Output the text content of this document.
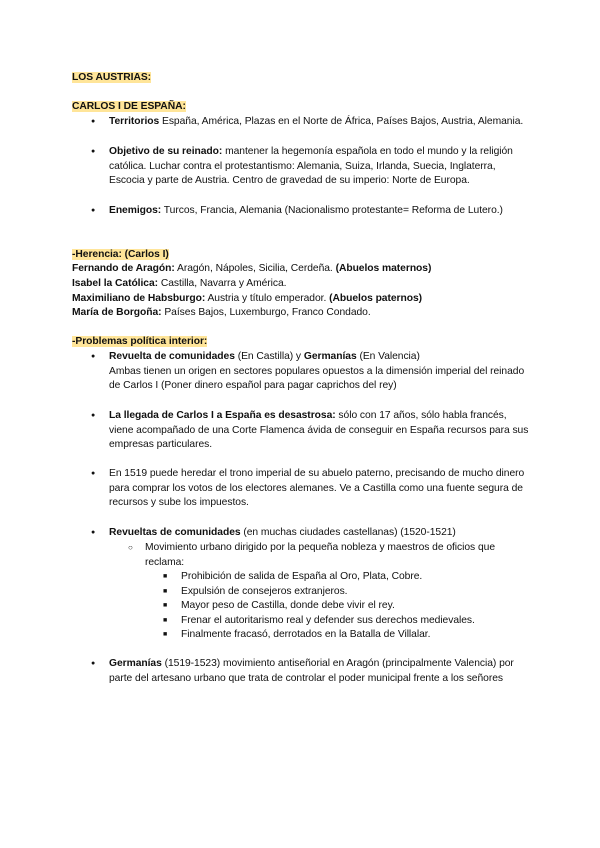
LOS AUSTRIAS:
CARLOS I DE ESPAÑA:
● Territorios España, América, Plazas en el Norte de África, Países Bajos, Austria, Alemania.
● Objetivo de su reinado: mantener la hegemonía española en todo el mundo y la religión católica. Luchar contra el protestantismo: Alemania, Suiza, Irlanda, Suecia, Inglaterra, Escocia y parte de Austria. Centro de gravedad de su imperio: Norte de Europa.
● Enemigos: Turcos, Francia, Alemania (Nacionalismo protestante= Reforma de Lutero.)
-Herencia: (Carlos I)
Fernando de Aragón: Aragón, Nápoles, Sicilia, Cerdeña. (Abuelos maternos)
Isabel la Católica: Castilla, Navarra y América.
Maximiliano de Habsburgo: Austria y título emperador. (Abuelos paternos)
María de Borgoña: Países Bajos, Luxemburgo, Franco Condado.
-Problemas política interior:
● Revuelta de comunidades (En Castilla) y Germanías (En Valencia)
Ambas tienen un origen en sectores populares opuestos a la dimensión imperial del reinado de Carlos I (Poner dinero español para pagar caprichos del rey)
● La llegada de Carlos I a España es desastrosa: sólo con 17 años, sólo habla francés, viene acompañado de una Corte Flamenca ávida de conseguir en España recursos para sus empresas particulares.
● En 1519 puede heredar el trono imperial de su abuelo paterno, precisando de mucho dinero para comprar los votos de los electores alemanes. Ve a Castilla como una fuente segura de recursos y sube los impuestos.
● Revueltas de comunidades (en muchas ciudades castellanas) (1520-1521)
○ Movimiento urbano dirigido por la pequeña nobleza y maestros de oficios que reclama:
■ Prohibición de salida de España al Oro, Plata, Cobre.
■ Expulsión de consejeros extranjeros.
■ Mayor peso de Castilla, donde debe vivir el rey.
■ Frenar el autoritarismo real y defender sus derechos medievales.
■ Finalmente fracasó, derrotados en la Batalla de Villalar.
● Germanías (1519-1523) movimiento antiseñorial en Aragón (principalmente Valencia) por parte del artesano urbano que trata de controlar el poder municipal frente a los señores
